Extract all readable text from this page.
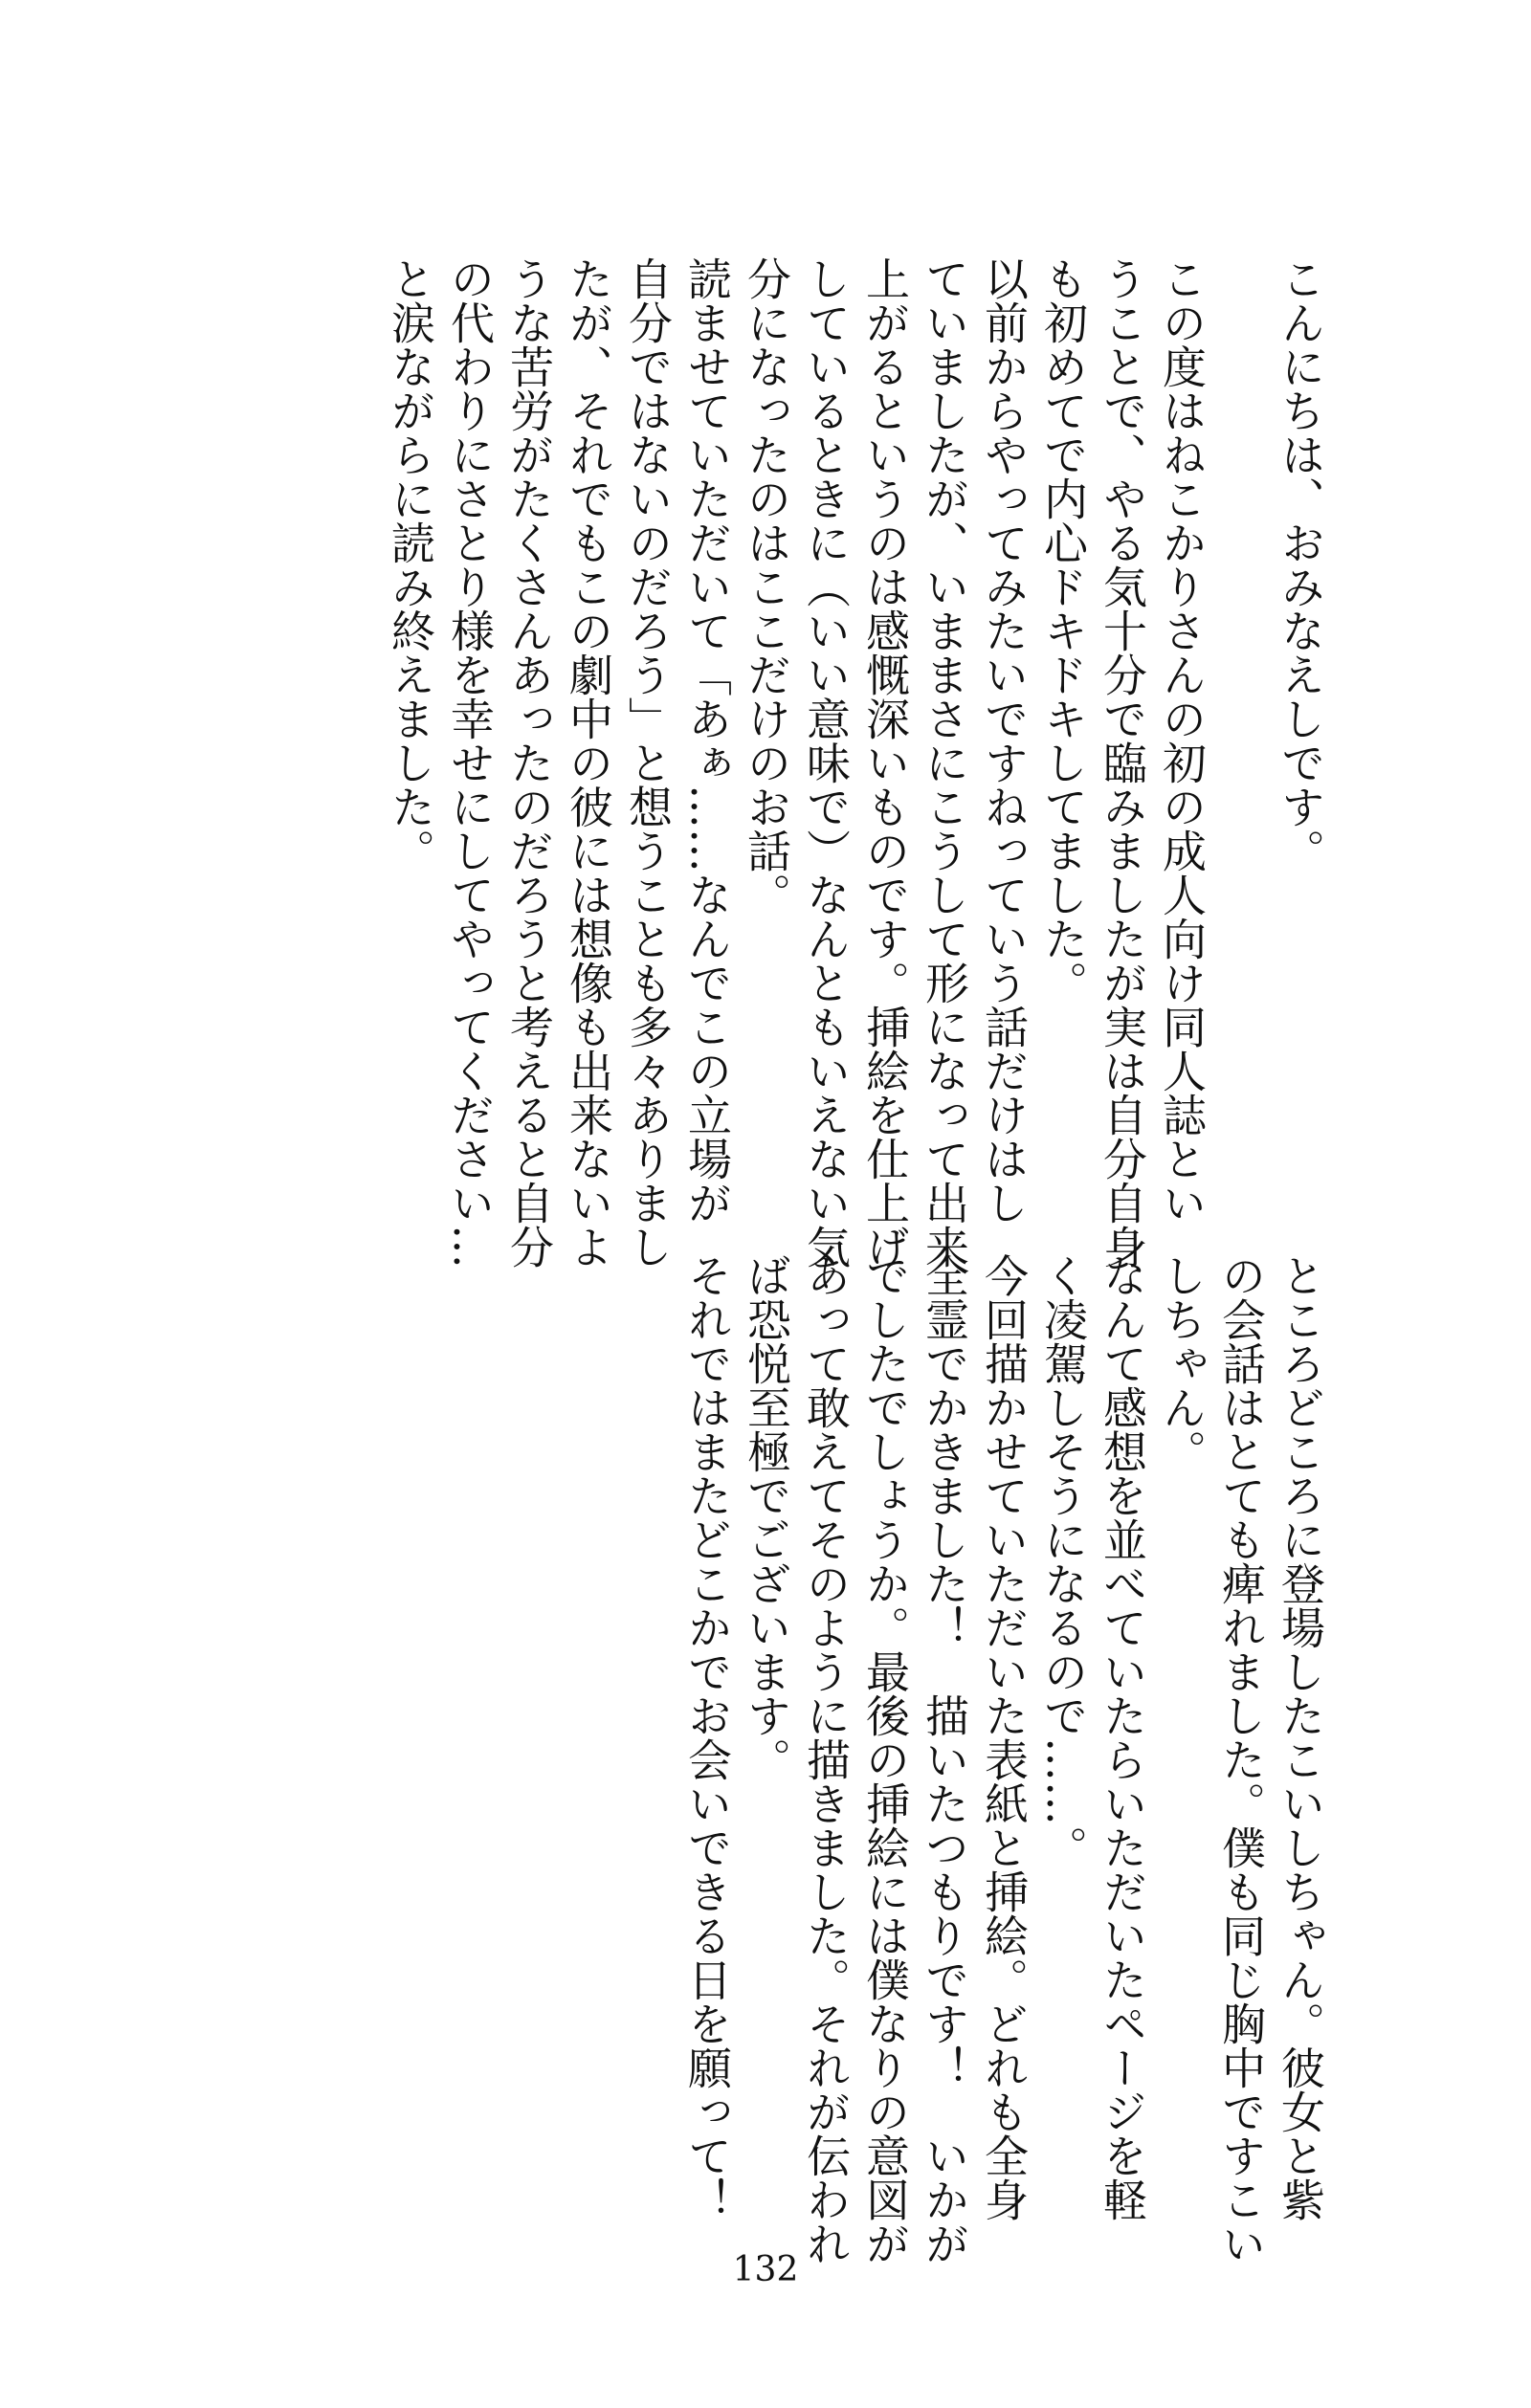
こんにちは、おみなえしです。
この度はねこかりさんの初の成人向け同人誌とい
うことで、やる気十分で臨みましたが実は自分自身
も初めてで内心ドキドキしてました。
以前からやってみたいですねっていう話だけはし
ていましたが、いままさにこうして形になって出来
上がるというのは感慨深いものです。挿絵を仕上げ
しているときに（いい意味で）なんともいえない気
分になったのはここだけのお話。
読ませていただいて「あぁ……なんでこの立場が
自分ではないのだろう」と想うことも多々ありまし
たが、それでもこの劇中の彼には想像も出来ないよ
うな苦労がたくさんあったのだろうと考えると自分
の代わりにさとり様を幸せにしてやってください…
と涙ながらに読み終えました。
ところどころに登場したこいしちゃん。彼女と紫
の会話はとても痺れました。僕も同じ胸中ですこい
しちゃん。
なんて感想を並べていたらいただいたページを軽
く凌駕しそうになるので……。
今回描かせていただいた表紙と挿絵。どれも全身
全霊でかきました！　描いたつもりです！　いかが
でしたでしょうか。最後の挿絵には僕なりの意図が
あって敢えてそのように描きました。それが伝われ
ば恐悦至極でございます。
それではまたどこかでお会いできる日を願って！
132
